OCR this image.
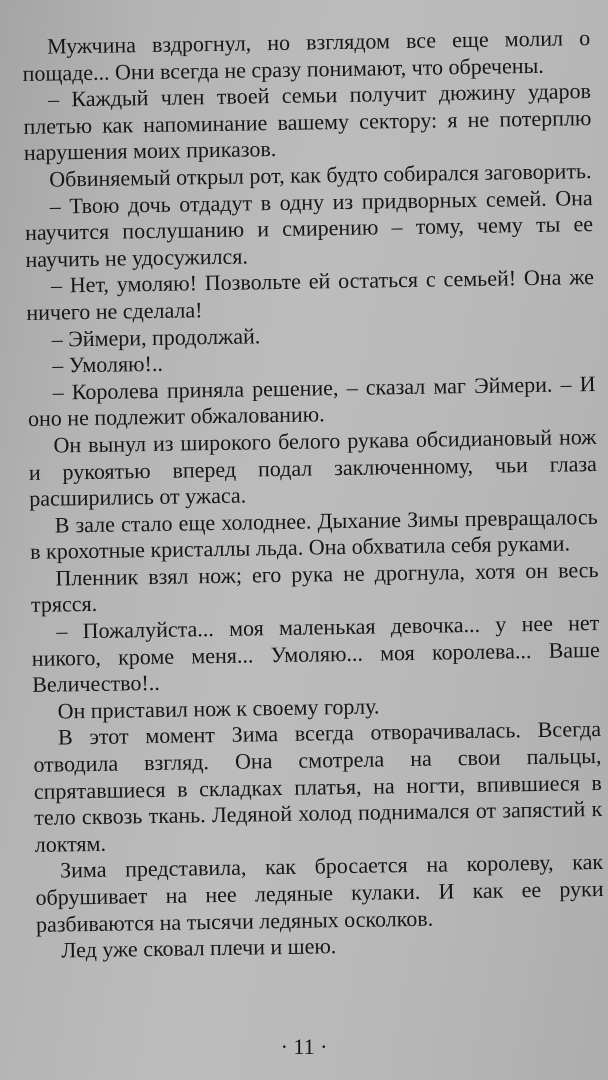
Мужчина вздрогнул, но взглядом все еще молил о пощаде... Они всегда не сразу понимают, что обречены.

– Каждый член твоей семьи получит дюжину ударов плетью как напоминание вашему сектору: я не потерплю нарушения моих приказов.

Обвиняемый открыл рот, как будто собирался заговорить.

– Твою дочь отдадут в одну из придворных семей. Она научится послушанию и смирению – тому, чему ты ее научить не удосужился.

– Нет, умоляю! Позвольте ей остаться с семьей! Она же ничего не сделала!

– Эймери, продолжай.

– Умоляю!..

– Королева приняла решение, – сказал маг Эймери. – И оно не подлежит обжалованию.

Он вынул из широкого белого рукава обсидиановый нож и рукоятью вперед подал заключенному, чьи глаза расширились от ужаса.

В зале стало еще холоднее. Дыхание Зимы превращалось в крохотные кристаллы льда. Она обхватила себя руками.

Пленник взял нож; его рука не дрогнула, хотя он весь трясся.

– Пожалуйста... моя маленькая девочка... у нее нет никого, кроме меня... Умоляю... моя королева... Ваше Величество!..

Он приставил нож к своему горлу.

В этот момент Зима всегда отворачивалась. Всегда отводила взгляд. Она смотрела на свои пальцы, спрятавшиеся в складках платья, на ногти, впившиеся в тело сквозь ткань. Ледяной холод поднимался от запястий к локтям.

Зима представила, как бросается на королеву, как обрушивает на нее ледяные кулаки. И как ее руки разбиваются на тысячи ледяных осколков.

Лед уже сковал плечи и шею.

· 11 ·
